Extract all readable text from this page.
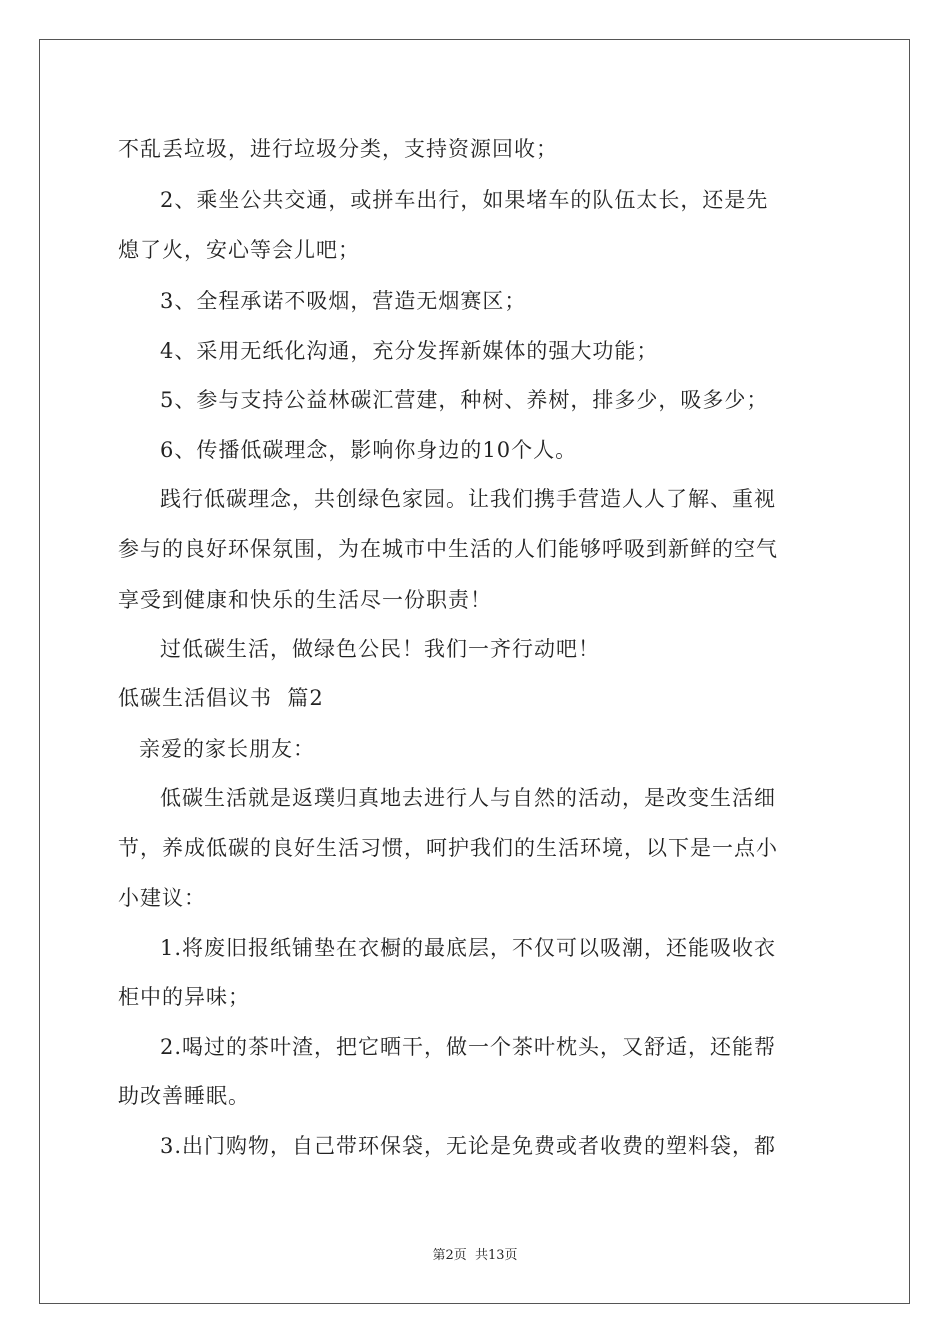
不乱丢垃圾，进行垃圾分类，支持资源回收；
2、乘坐公共交通，或拼车出行，如果堵车的队伍太长，还是先
熄了火，安心等会儿吧；
3、全程承诺不吸烟，营造无烟赛区；
4、采用无纸化沟通，充分发挥新媒体的强大功能；
5、参与支持公益林碳汇营建，种树、养树，排多少，吸多少；
6、传播低碳理念，影响你身边的10个人。
践行低碳理念，共创绿色家园。让我们携手营造人人了解、重视
参与的良好环保氛围，为在城市中生活的人们能够呼吸到新鲜的空气
享受到健康和快乐的生活尽一份职责！
过低碳生活，做绿色公民！我们一齐行动吧！
低碳生活倡议书  篇2
亲爱的家长朋友：
低碳生活就是返璞归真地去进行人与自然的活动，是改变生活细
节，养成低碳的良好生活习惯，呵护我们的生活环境，以下是一点小
小建议：
1.将废旧报纸铺垫在衣橱的最底层，不仅可以吸潮，还能吸收衣
柜中的异味；
2.喝过的茶叶渣，把它晒干，做一个茶叶枕头，又舒适，还能帮
助改善睡眠。
3.出门购物，自己带环保袋，无论是免费或者收费的塑料袋，都
第2页 共13页
